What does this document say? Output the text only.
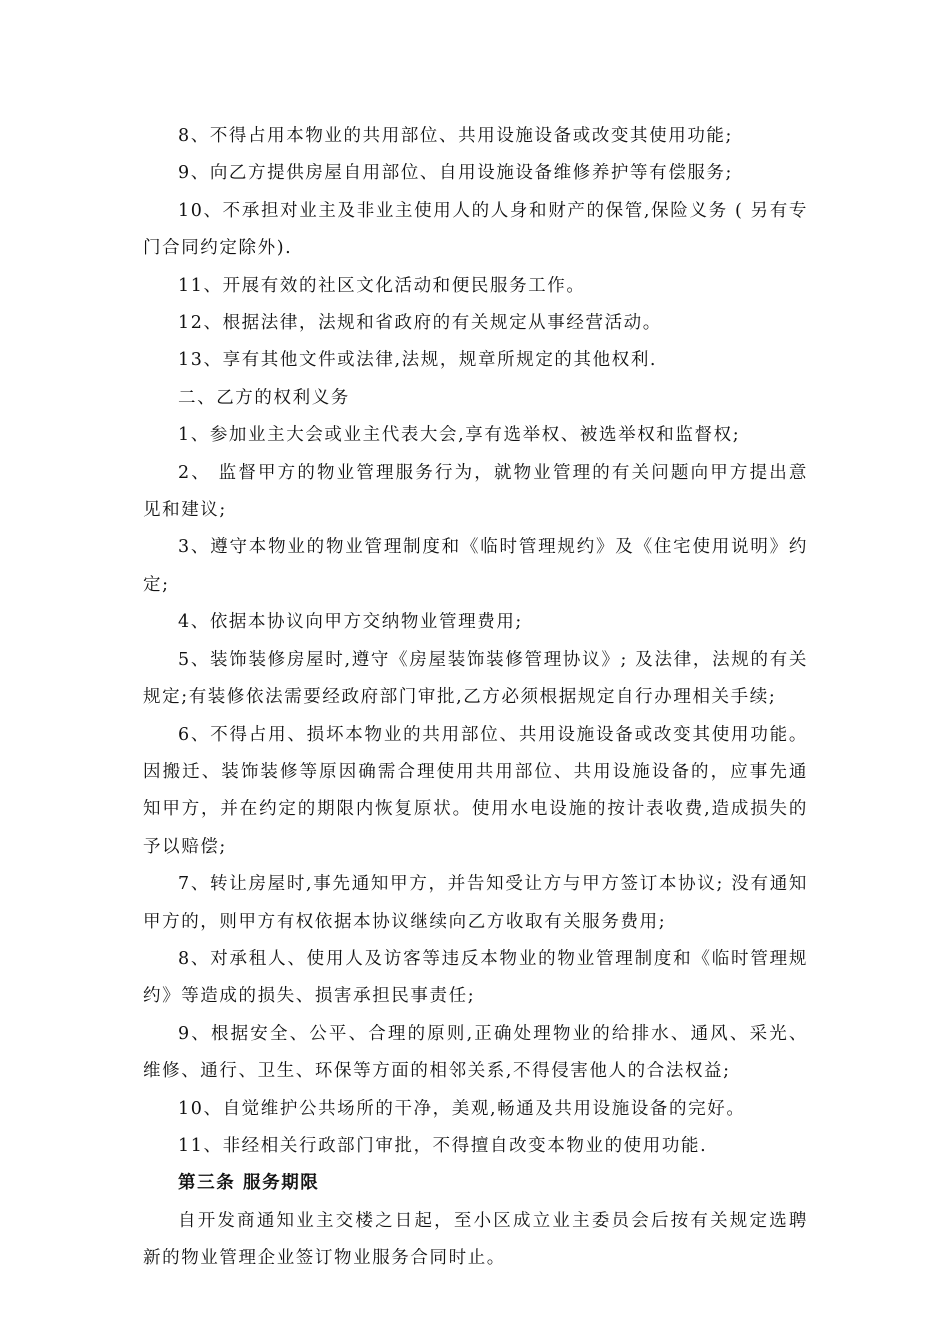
8、不得占用本物业的共用部位、共用设施设备或改变其使用功能;

9、向乙方提供房屋自用部位、自用设施设备维修养护等有偿服务;

10、不承担对业主及非业主使用人的人身和财产的保管,保险义务 ( 另有专门合同约定除外).

11、开展有效的社区文化活动和便民服务工作。

12、根据法律，法规和省政府的有关规定从事经营活动。

13、享有其他文件或法律,法规，规章所规定的其他权利.

二、乙方的权利义务

1、参加业主大会或业主代表大会,享有选举权、被选举权和监督权;

2、 监督甲方的物业管理服务行为，就物业管理的有关问题向甲方提出意见和建议;

3、遵守本物业的物业管理制度和《临时管理规约》及《住宅使用说明》约定;

4、依据本协议向甲方交纳物业管理费用;

5、装饰装修房屋时,遵守《房屋装饰装修管理协议》; 及法律，法规的有关规定;有装修依法需要经政府部门审批,乙方必须根据规定自行办理相关手续;

6、不得占用、损坏本物业的共用部位、共用设施设备或改变其使用功能。因搬迁、装饰装修等原因确需合理使用共用部位、共用设施设备的，应事先通知甲方，并在约定的期限内恢复原状。使用水电设施的按计表收费,造成损失的予以赔偿;

7、转让房屋时,事先通知甲方，并告知受让方与甲方签订本协议; 没有通知甲方的，则甲方有权依据本协议继续向乙方收取有关服务费用;

8、对承租人、使用人及访客等违反本物业的物业管理制度和《临时管理规约》等造成的损失、损害承担民事责任;

9、根据安全、公平、合理的原则,正确处理物业的给排水、通风、采光、维修、通行、卫生、环保等方面的相邻关系,不得侵害他人的合法权益;

10、自觉维护公共场所的干净，美观,畅通及共用设施设备的完好。

11、非经相关行政部门审批，不得擅自改变本物业的使用功能.

第三条 服务期限

自开发商通知业主交楼之日起，至小区成立业主委员会后按有关规定选聘新的物业管理企业签订物业服务合同时止。
